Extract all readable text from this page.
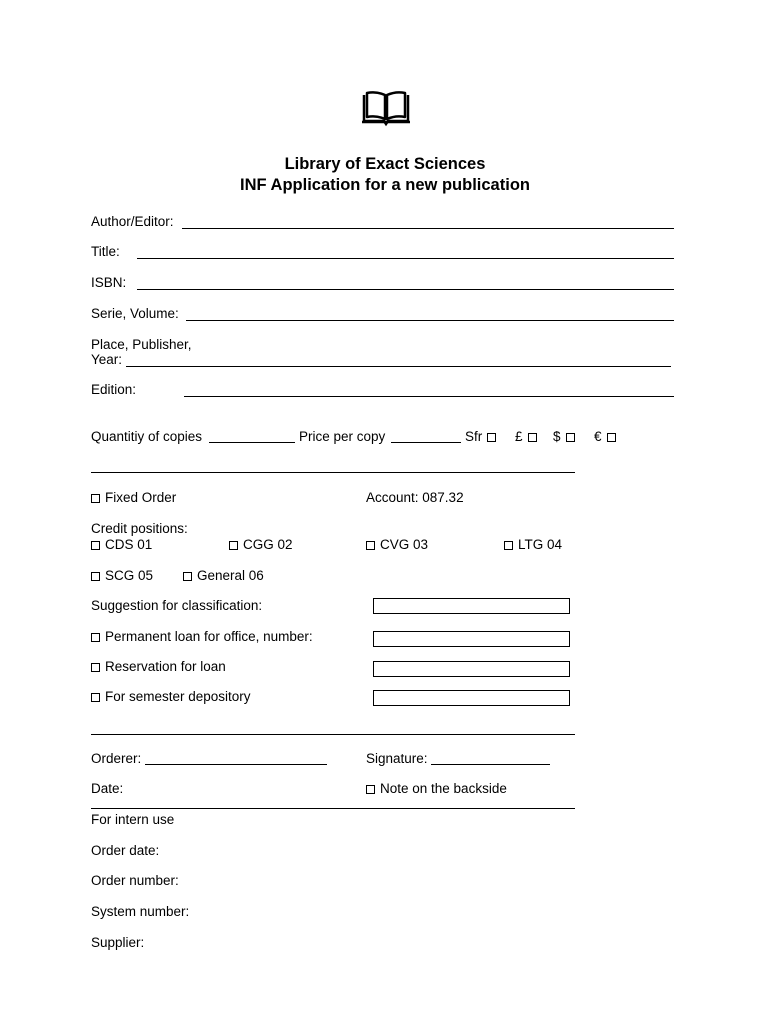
Library of Exact Sciences
INF Application for a new publication
Author/Editor:
Title:
ISBN:
Serie, Volume:
Place, Publisher,
Year:
Edition:
Quantitiy of copies	Price per copy	Sfr	£	$	€
Fixed Order	Account: 087.32
Credit positions:
CDS 01	CGG 02	CVG 03	LTG 04
SCG 05	General 06
Suggestion for classification:
Permanent loan for office, number:
Reservation for loan
For semester depository
Orderer:	Signature:
Date:	Note on the backside
For intern use
Order date:
Order number:
System number:
Supplier:
